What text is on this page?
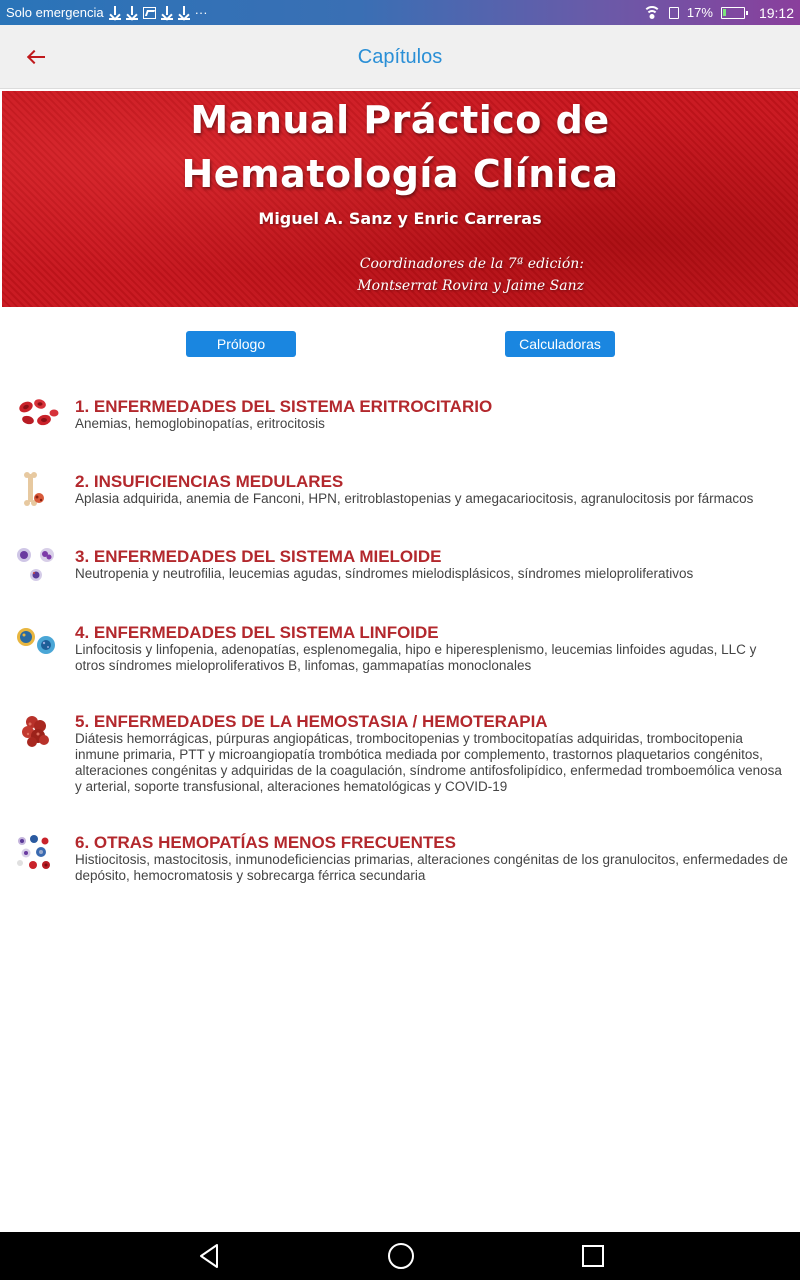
Solo emergencia	···	17%	19:12
Capítulos
Manual Práctico de
Hematología Clínica
Miguel A. Sanz y Enric Carreras
Coordinadores de la 7ª edición:
Montserrat Rovira y Jaime Sanz
Prólogo	Calculadoras
1. ENFERMEDADES DEL SISTEMA ERITROCITARIO
Anemias, hemoglobinopatías, eritrocitosis
2. INSUFICIENCIAS MEDULARES
Aplasia adquirida, anemia de Fanconi, HPN, eritroblastopenias y amegacariocitosis, agranulocitosis por fármacos
3. ENFERMEDADES DEL SISTEMA MIELOIDE
Neutropenia y neutrofilia, leucemias agudas, síndromes mielodisplásicos, síndromes mieloproliferativos
4. ENFERMEDADES DEL SISTEMA LINFOIDE
Linfocitosis y linfopenia, adenopatías, esplenomegalia, hipo e hiperesplenismo, leucemias linfoides agudas, LLC y otros síndromes mieloproliferativos B, linfomas, gammapatías monoclonales
5. ENFERMEDADES DE LA HEMOSTASIA / HEMOTERAPIA
Diátesis hemorrágicas, púrpuras angiopáticas, trombocitopenias y trombocitopatías adquiridas, trombocitopenia inmune primaria, PTT y microangiopatía trombótica mediada por complemento, trastornos plaquetarios congénitos, alteraciones congénitas y adquiridas de la coagulación, síndrome antifosfolipídico, enfermedad tromboemólica venosa y arterial, soporte transfusional, alteraciones hematológicas y COVID-19
6. OTRAS HEMOPATÍAS MENOS FRECUENTES
Histiocitosis, mastocitosis, inmunodeficiencias primarias, alteraciones congénitas de los granulocitos, enfermedades de depósito, hemocromatosis y sobrecarga férrica secundaria
